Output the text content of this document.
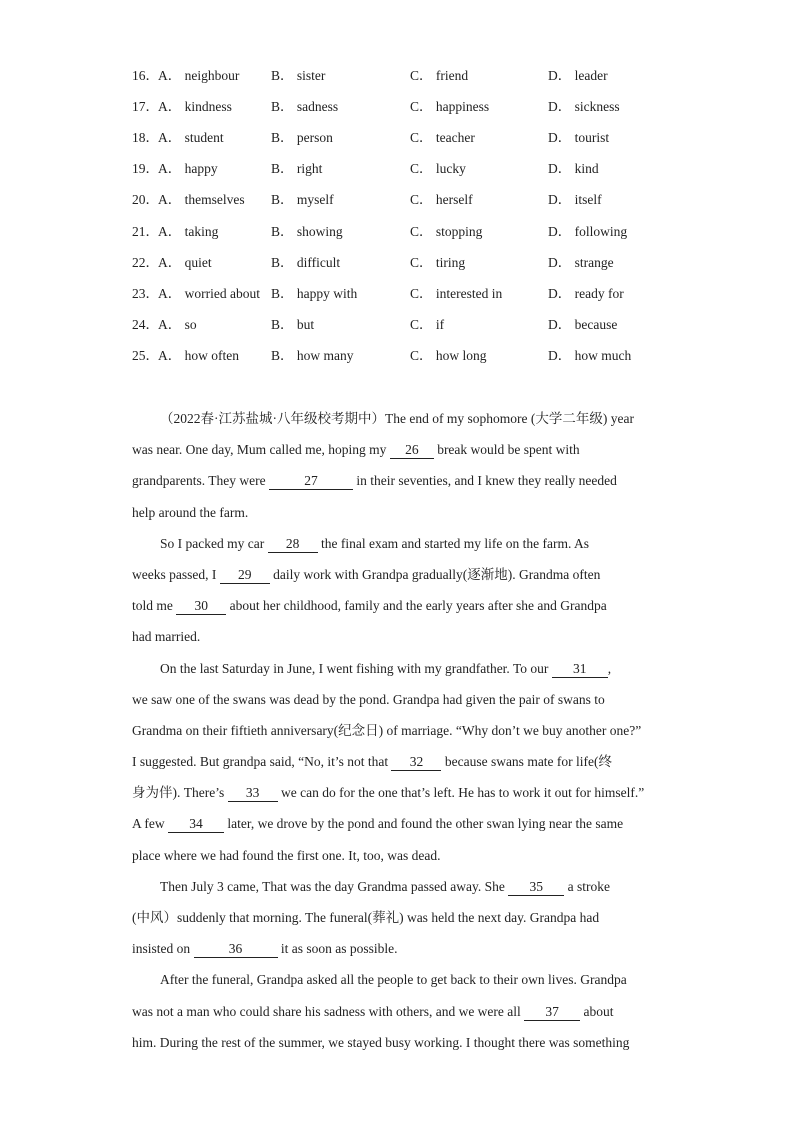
16． A． neighbour B． sister	C． friend	D． leader
17． A． kindness	B． sadness	C． happiness	D． sickness
18． A． student	B． person	C． teacher	D． tourist
19． A． happy	B． right	C． lucky	D． kind
20． A． themselves B． myself	C． herself	D． itself
21． A． taking	B． showing	C． stopping	D． following
22． A． quiet	B． difficult	C． tiring	D． strange
23． A． worried about B． happy with	C． interested in	D． ready for
24． A． so	B． but	C． if	D． because
25． A． how often B． how many	C． how long	D． how much
（2022春·江苏盐城·八年级校考期中）The end of my sophomore (大学二年级) year
was near. One day, Mum called me, hoping my 26 break would be spent with
grandparents. They were	27	in their seventies, and I knew they really needed
help around the farm.
So I packed my car 28 the final exam and started my life on the farm. As
weeks passed, I 29 daily work with Grandpa gradually(逐渐地). Grandma often
told me 30 about her childhood, family and the early years after she and Grandpa
had married.
On the last Saturday in June, I went fishing with my grandfather. To our 31 ,
we saw one of the swans was dead by the pond. Grandpa had given the pair of swans to
Grandma on their fiftieth anniversary(纪念日) of marriage. “Why don’t we buy another one?”
I suggested. But grandpa said, “No, it’s not that 32 because swans mate for life(终
身为伴). There’s 33 we can do for the one that’s left. He has to work it out for himself.”
A few 34 later, we drove by the pond and found the other swan lying near the same
place where we had found the first one. It, too, was dead.
Then July 3 came, That was the day Grandma passed away. She 35 a stroke
(中风）suddenly that morning. The funeral(葬礼) was held the next day. Grandpa had
insisted on	36	it as soon as possible.
After the funeral, Grandpa asked all the people to get back to their own lives. Grandpa
was not a man who could share his sadness with others, and we were all 37 about
him. During the rest of the summer, we stayed busy working. I thought there was something
